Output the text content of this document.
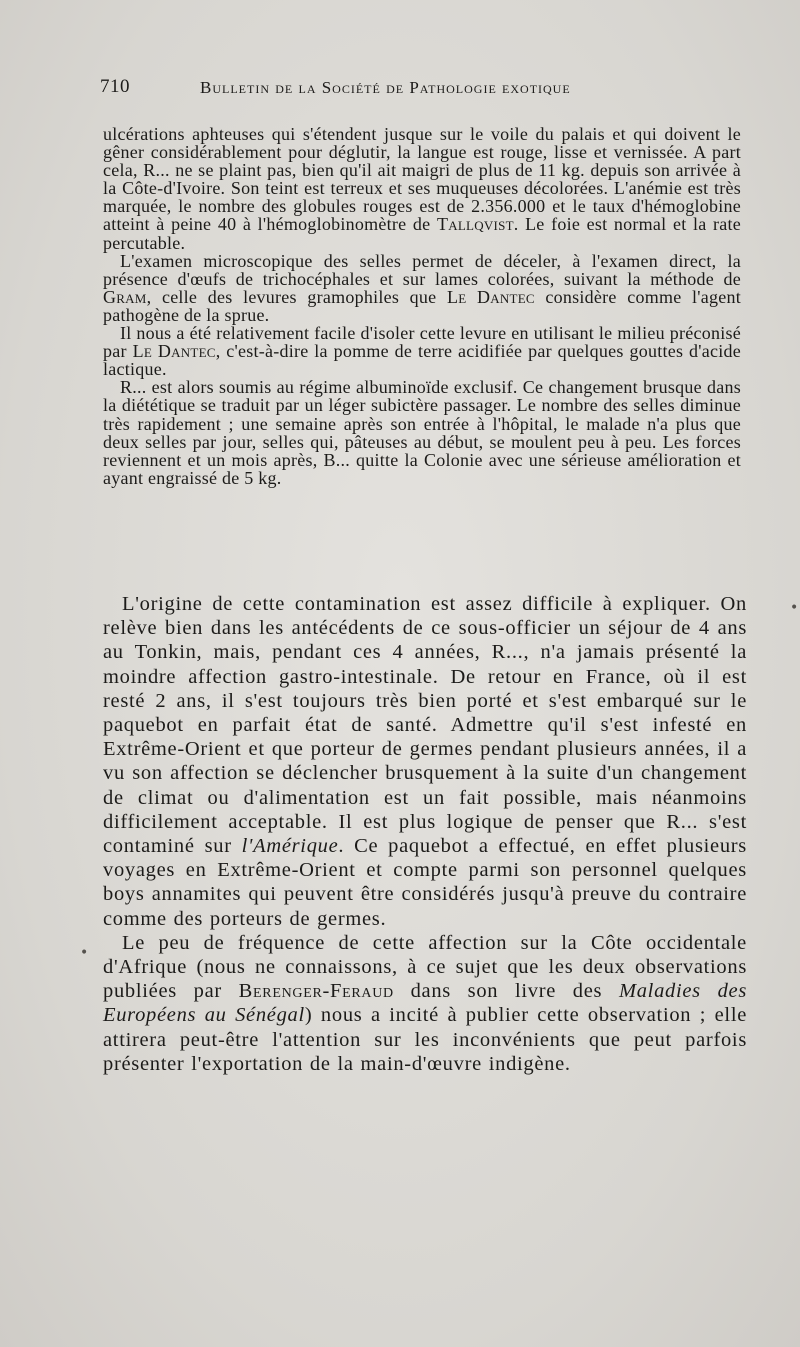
710	Bulletin de la Société de Pathologie exotique

ulcérations aphteuses qui s'étendent jusque sur le voile du palais et qui doivent le gêner considérablement pour déglutir, la langue est rouge, lisse et vernissée. A part cela, R... ne se plaint pas, bien qu'il ait maigri de plus de 11 kg. depuis son arrivée à la Côte-d'Ivoire. Son teint est terreux et ses muqueuses décolorées. L'anémie est très marquée, le nombre des globules rouges est de 2.356.000 et le taux d'hémoglobine atteint à peine 40 à l'hémoglobinomètre de Tallqvist. Le foie est normal et la rate percutable.

L'examen microscopique des selles permet de déceler, à l'examen direct, la présence d'œufs de trichocéphales et sur lames colorées, suivant la méthode de Gram, celle des levures gramophiles que Le Dantec considère comme l'agent pathogène de la sprue.

Il nous a été relativement facile d'isoler cette levure en utilisant le milieu préconisé par Le Dantec, c'est-à-dire la pomme de terre acidifiée par quelques gouttes d'acide lactique.

R... est alors soumis au régime albuminoïde exclusif. Ce changement brusque dans la diététique se traduit par un léger subictère passager. Le nombre des selles diminue très rapidement ; une semaine après son entrée à l'hôpital, le malade n'a plus que deux selles par jour, selles qui, pâteuses au début, se moulent peu à peu. Les forces reviennent et un mois après, B... quitte la Colonie avec une sérieuse amélioration et ayant engraissé de 5 kg.

L'origine de cette contamination est assez difficile à expliquer. On relève bien dans les antécédents de ce sous-officier un séjour de 4 ans au Tonkin, mais, pendant ces 4 années, R..., n'a jamais présenté la moindre affection gastro-intestinale. De retour en France, où il est resté 2 ans, il s'est toujours très bien porté et s'est embarqué sur le paquebot en parfait état de santé. Admettre qu'il s'est infesté en Extrême-Orient et que porteur de germes pendant plusieurs années, il a vu son affection se déclencher brusquement à la suite d'un changement de climat ou d'alimentation est un fait possible, mais néanmoins difficilement acceptable. Il est plus logique de penser que R... s'est contaminé sur l'Amérique. Ce paquebot a effectué, en effet plusieurs voyages en Extrême-Orient et compte parmi son personnel quelques boys annamites qui peuvent être considérés jusqu'à preuve du contraire comme des porteurs de germes.

Le peu de fréquence de cette affection sur la Côte occidentale d'Afrique (nous ne connaissons, à ce sujet que les deux observations publiées par Berenger-Feraud dans son livre des Maladies des Européens au Sénégal) nous a incité à publier cette observation ; elle attirera peut-être l'attention sur les inconvénients que peut parfois présenter l'exportation de la main-d'œuvre indigène.

•
•
